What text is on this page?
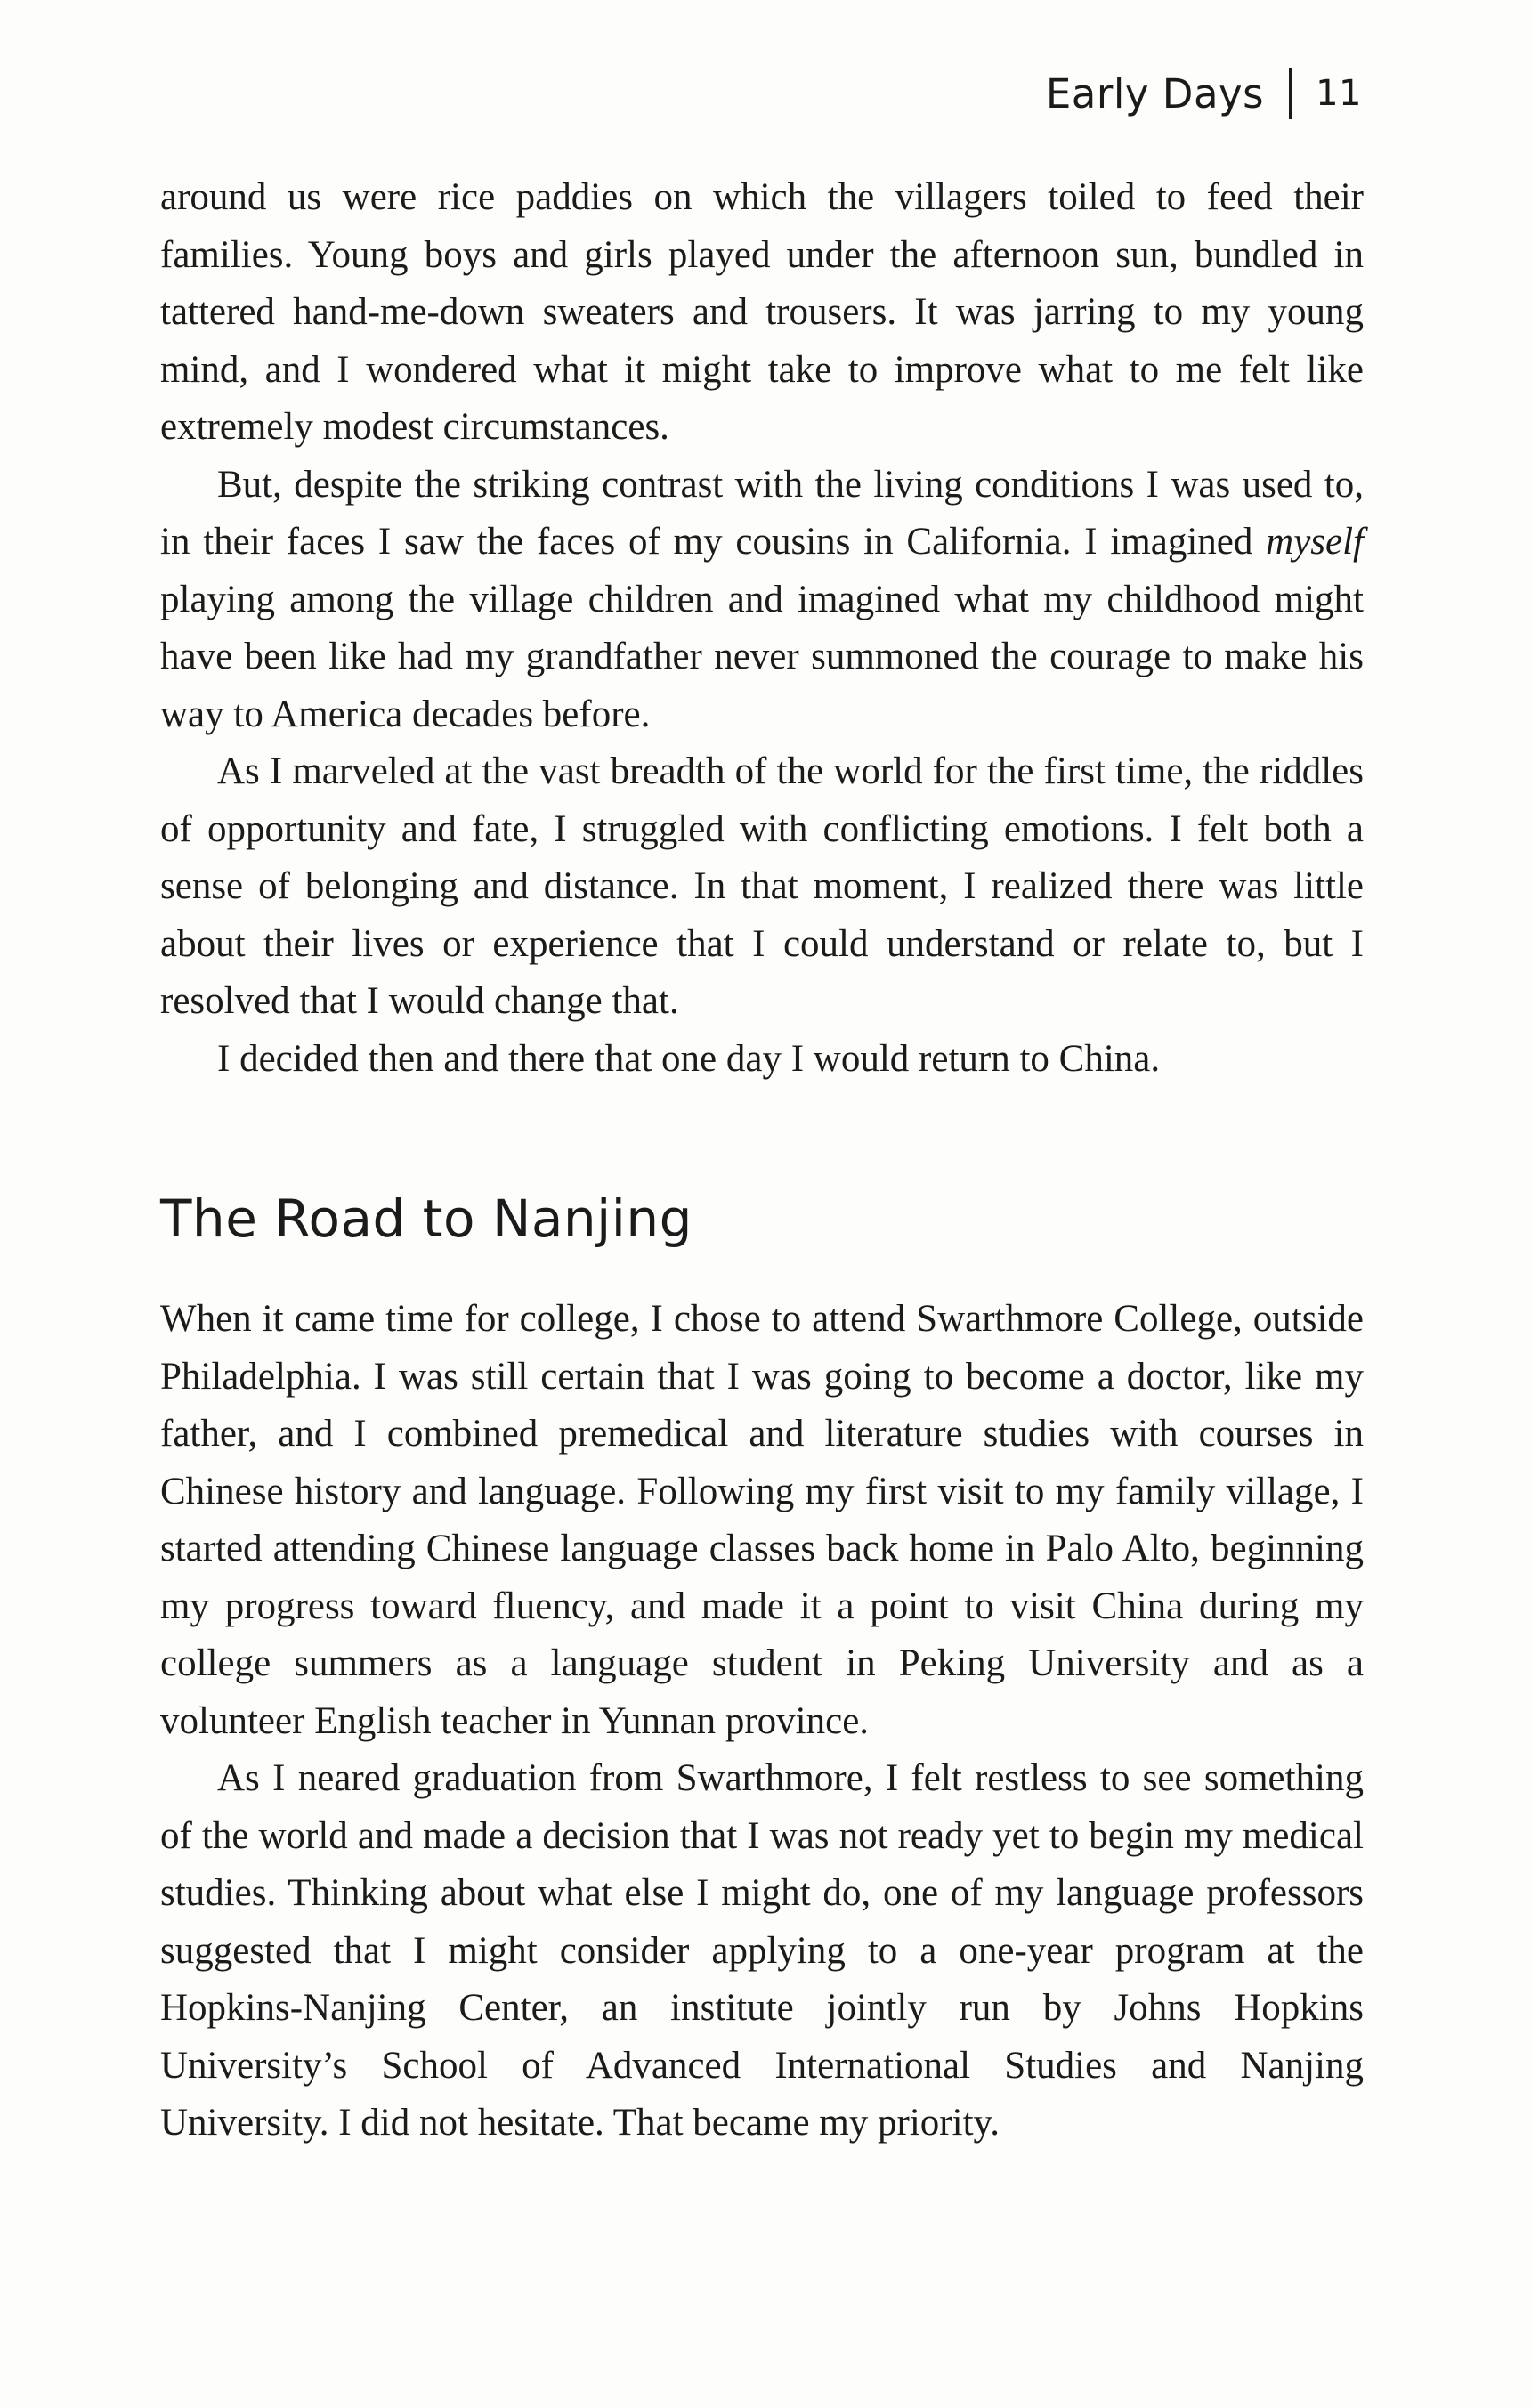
Early Days 11

around us were rice paddies on which the villagers toiled to feed their families. Young boys and girls played under the afternoon sun, bundled in tattered hand-me-down sweaters and trousers. It was jarring to my young mind, and I wondered what it might take to improve what to me felt like extremely modest circumstances.

But, despite the striking contrast with the living conditions I was used to, in their faces I saw the faces of my cousins in California. I imagined myself playing among the village children and imagined what my childhood might have been like had my grandfather never summoned the courage to make his way to America decades before.

As I marveled at the vast breadth of the world for the first time, the riddles of opportunity and fate, I struggled with conflicting emotions. I felt both a sense of belonging and distance. In that moment, I realized there was little about their lives or experience that I could understand or relate to, but I resolved that I would change that.

I decided then and there that one day I would return to China.

The Road to Nanjing

When it came time for college, I chose to attend Swarthmore College, outside Philadelphia. I was still certain that I was going to become a doctor, like my father, and I combined premedical and literature studies with courses in Chinese history and language. Following my first visit to my family village, I started attending Chinese language classes back home in Palo Alto, beginning my progress toward fluency, and made it a point to visit China during my college summers as a language student in Peking University and as a volunteer English teacher in Yunnan province.

As I neared graduation from Swarthmore, I felt restless to see something of the world and made a decision that I was not ready yet to begin my medical studies. Thinking about what else I might do, one of my language professors suggested that I might consider applying to a one-year program at the Hopkins-Nanjing Center, an institute jointly run by Johns Hopkins University’s School of Advanced International Studies and Nanjing University. I did not hesitate. That became my priority.
